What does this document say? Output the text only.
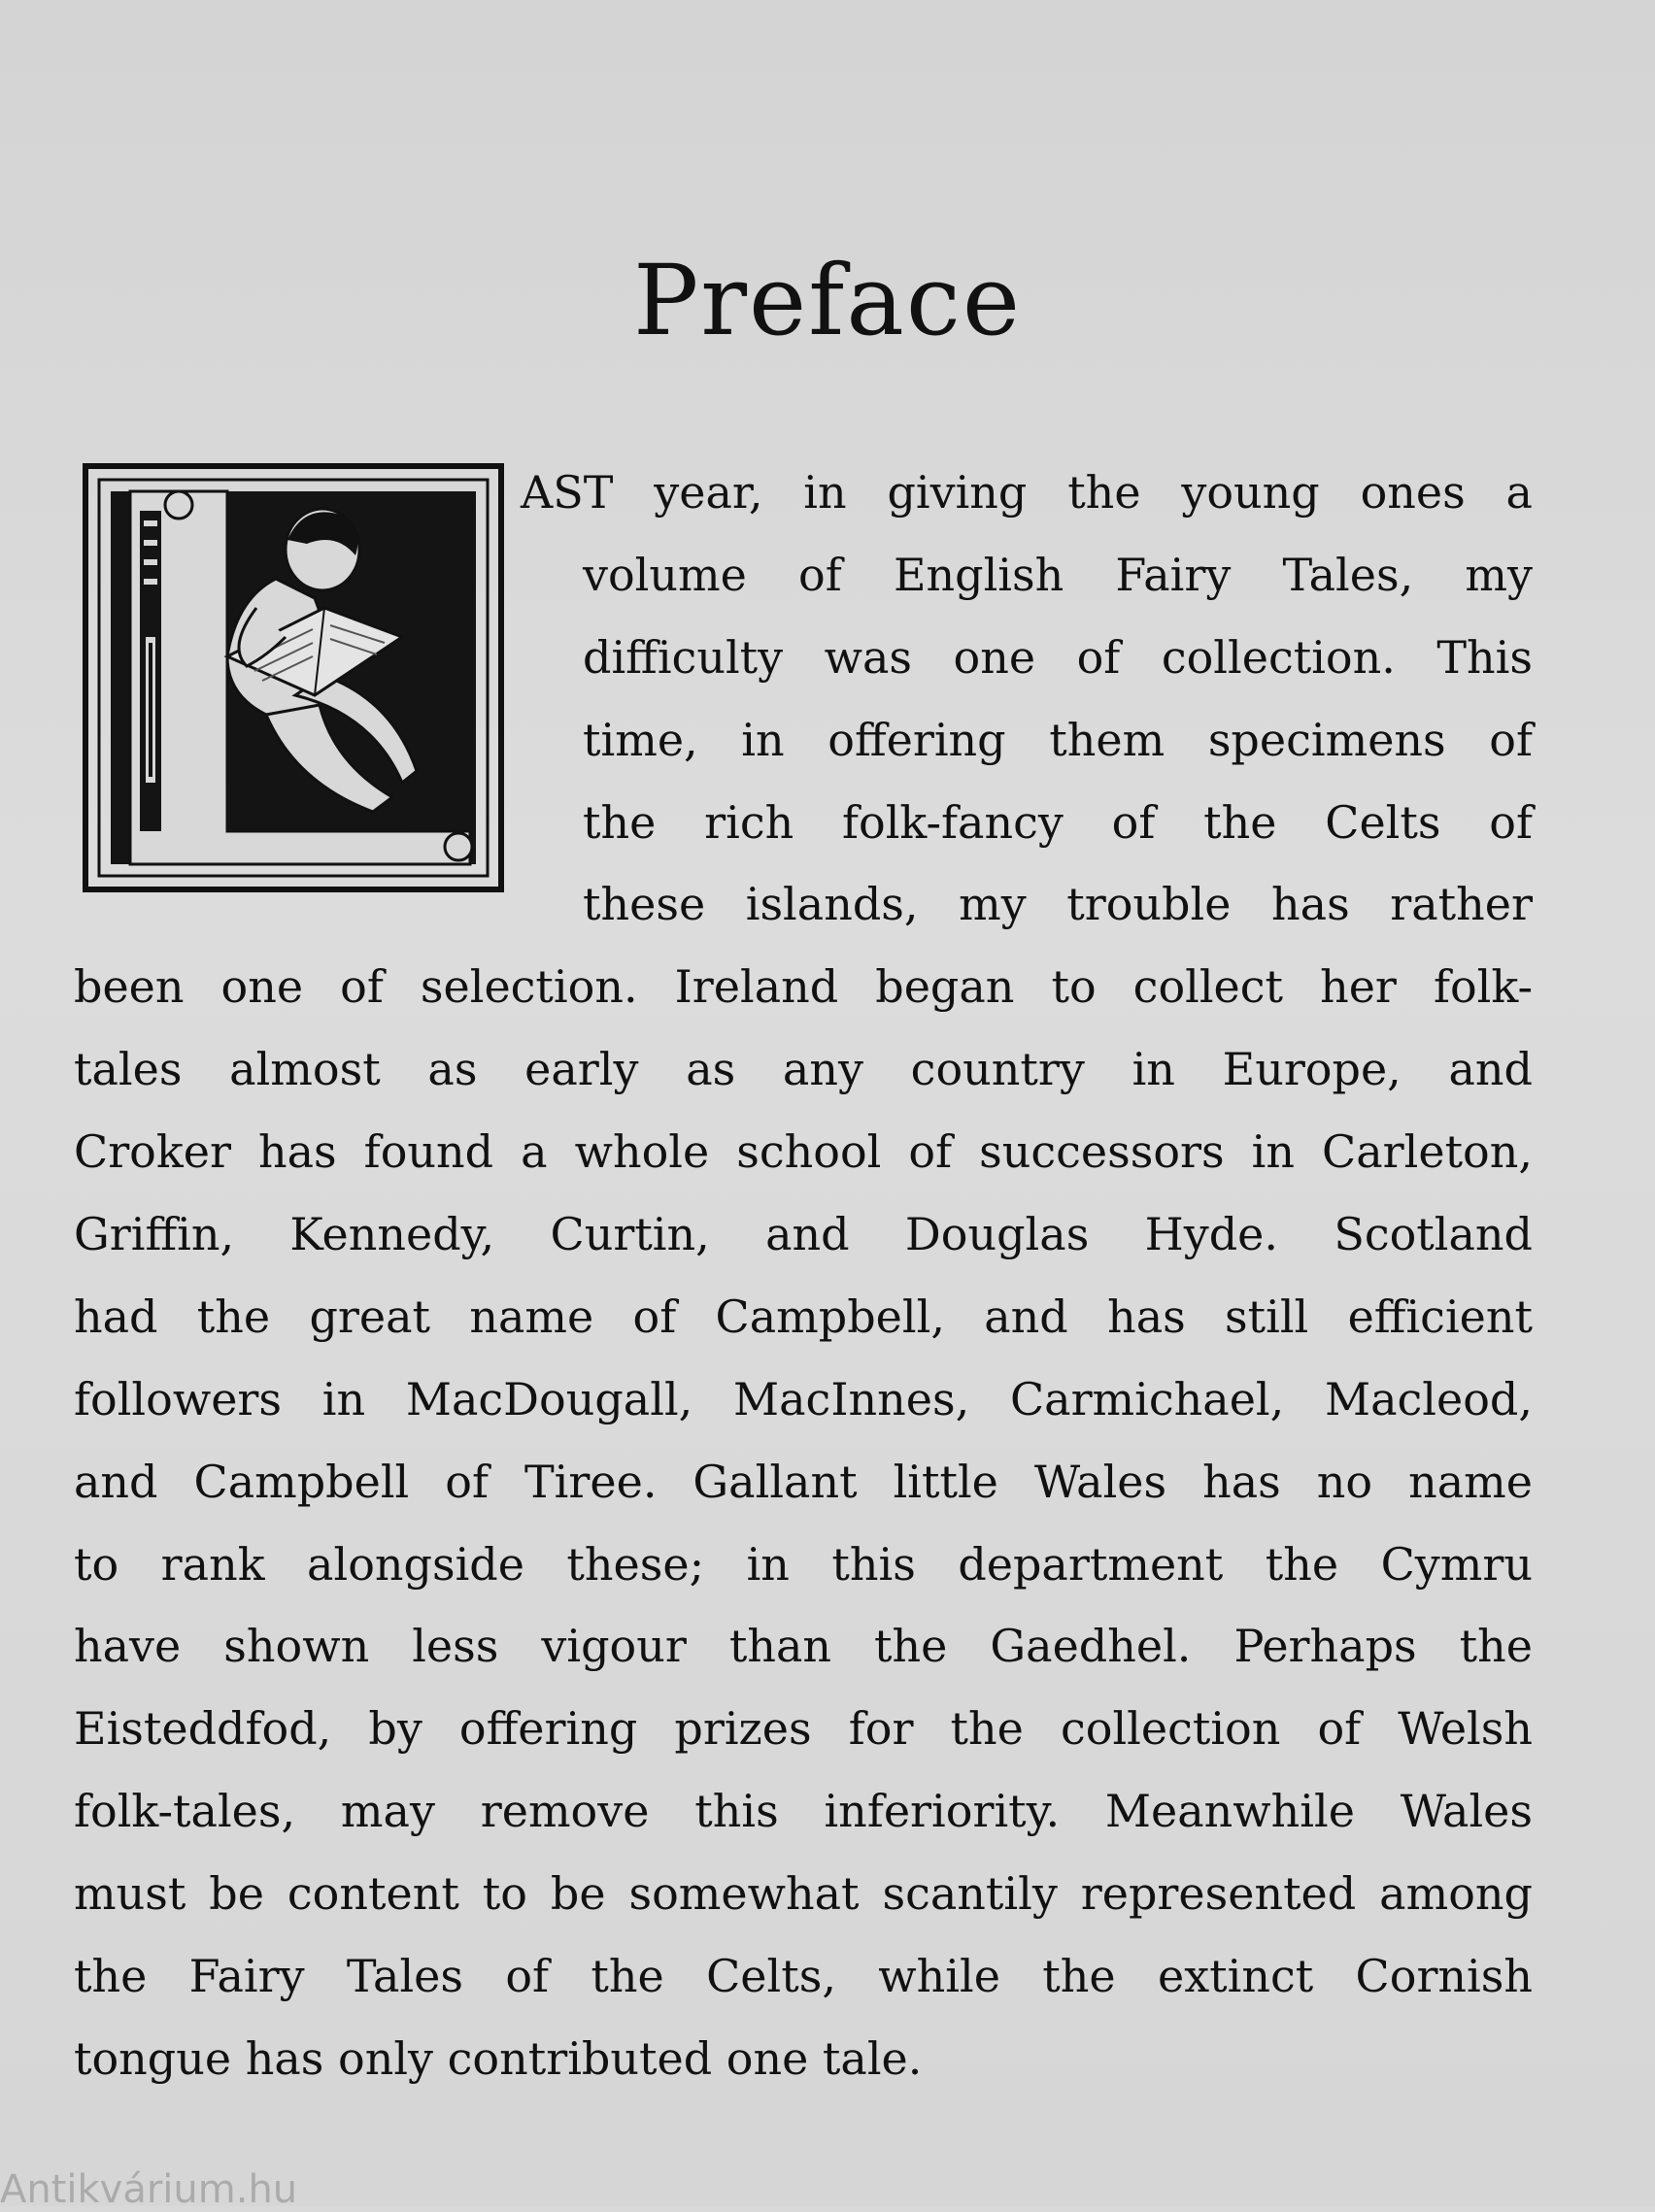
Preface
AST year, in giving the young ones a
volume of English Fairy Tales, my
difficulty was one of collection. This
time, in offering them specimens of
the rich folk-fancy of the Celts of
these islands, my trouble has rather
been one of selection. Ireland began to collect her folk-
tales almost as early as any country in Europe, and
Croker has found a whole school of successors in Carleton,
Griffin, Kennedy, Curtin, and Douglas Hyde. Scotland
had the great name of Campbell, and has still efficient
followers in MacDougall, MacInnes, Carmichael, Macleod,
and Campbell of Tiree. Gallant little Wales has no name
to rank alongside these; in this department the Cymru
have shown less vigour than the Gaedhel. Perhaps the
Eisteddfod, by offering prizes for the collection of Welsh
folk-tales, may remove this inferiority. Meanwhile Wales
must be content to be somewhat scantily represented among
the Fairy Tales of the Celts, while the extinct Cornish
tongue has only contributed one tale.
Antikvárium.hu
